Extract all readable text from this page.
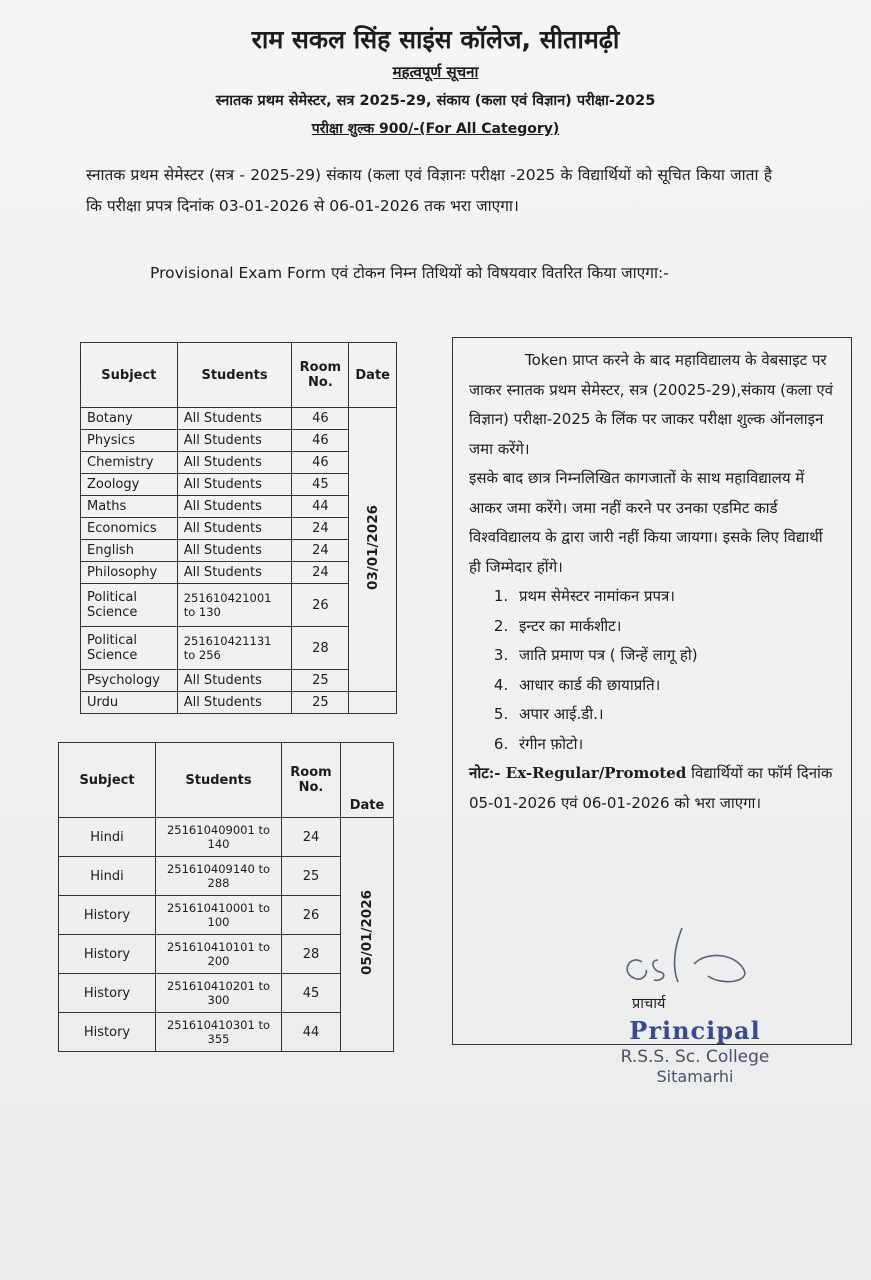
राम सकल सिंह साइंस कॉलेज, सीतामढ़ी
महत्वपूर्ण सूचना
स्नातक प्रथम सेमेस्टर, सत्र 2025-29, संकाय (कला एवं विज्ञान) परीक्षा-2025
परीक्षा शुल्क 900/-(For All Category)
स्नातक प्रथम सेमेस्टर (सत्र - 2025-29) संकाय (कला एवं विज्ञानः परीक्षा -2025 के विद्यार्थियों को सूचित किया जाता है कि परीक्षा प्रपत्र दिनांक 03-01-2026 से 06-01-2026 तक भरा जाएगा।
Provisional Exam Form एवं टोकन निम्न तिथियों को विषयवार वितरित किया जाएगा:-
Subject	Students	Room No.	Date
Botany	All Students	46	03/01/2026
Physics	All Students	46	
Chemistry	All Students	46	
Zoology	All Students	45	
Maths	All Students	44	
Economics	All Students	24	
English	All Students	24	
Philosophy	All Students	24	
Political Science	251610421001 to 130	26	
Political Science	251610421131 to 256	28	
Psychology	All Students	25	
Urdu	All Students	25	
Subject	Students	Room No.	Date
Hindi	251610409001 to 140	24	05/01/2026
Hindi	251610409140 to 288	25	
History	251610410001 to 100	26	
History	251610410101 to 200	28	
History	251610410201 to 300	45	
History	251610410301 to 355	44	

Token प्राप्त करने के बाद महाविद्यालय के वेबसाइट पर जाकर स्नातक प्रथम सेमेस्टर, सत्र (20025-29),संकाय (कला एवं विज्ञान) परीक्षा-2025 के लिंक पर जाकर परीक्षा शुल्क ऑनलाइन जमा करेंगे।

इसके बाद छात्र निम्नलिखित कागजातों के साथ महाविद्यालय में आकर जमा करेंगे। जमा नहीं करने पर उनका एडमिट कार्ड विश्वविद्यालय के द्वारा जारी नहीं किया जायगा। इसके लिए विद्यार्थी ही जिम्मेदार होंगे।

1. प्रथम सेमेस्टर नामांकन प्रपत्र।
2. इन्टर का मार्कशीट।
3. जाति प्रमाण पत्र ( जिन्हें लागू हो)
4. आधार कार्ड की छायाप्रति।
5. अपार आई.डी.।
6. रंगीन फ़ोटो।

नोट:- Ex-Regular/Promoted विद्यार्थियों का फॉर्म दिनांक 05-01-2026 एवं 06-01-2026 को भरा जाएगा।

प्राचार्य
Principal
R.S.S. Sc. College
Sitamarhi
